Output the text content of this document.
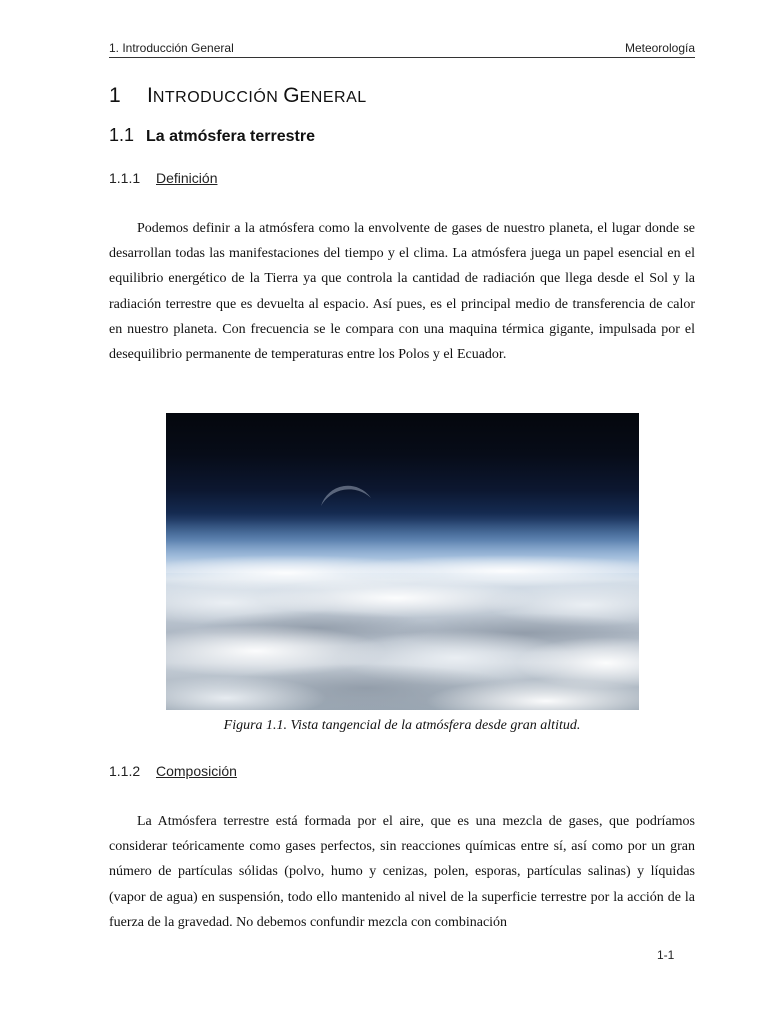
1. Introducción General	Meteorología
1 INTRODUCCIÓN GENERAL
1.1 La atmósfera terrestre
1.1.1 Definición

Podemos definir a la atmósfera como la envolvente de gases de nuestro planeta, el lugar donde se desarrollan todas las manifestaciones del tiempo y el clima. La atmósfera juega un papel esencial en el equilibrio energético de la Tierra ya que controla la cantidad de radiación que llega desde el Sol y la radiación terrestre que es devuelta al espacio. Así pues, es el principal medio de transferencia de calor en nuestro planeta. Con frecuencia se le compara con una maquina térmica gigante, impulsada por el desequilibrio permanente de temperaturas entre los Polos y el Ecuador.

Figura 1.1. Vista tangencial de la atmósfera desde gran altitud.
1.1.2 Composición

La Atmósfera terrestre está formada por el aire, que es una mezcla de gases, que podríamos considerar teóricamente como gases perfectos, sin reacciones químicas entre sí, así como por un gran número de partículas sólidas (polvo, humo y cenizas, polen, esporas, partículas salinas) y líquidas (vapor de agua) en suspensión, todo ello mantenido al nivel de la superficie terrestre por la acción de la fuerza de la gravedad. No debemos confundir mezcla con combinación

1-1
